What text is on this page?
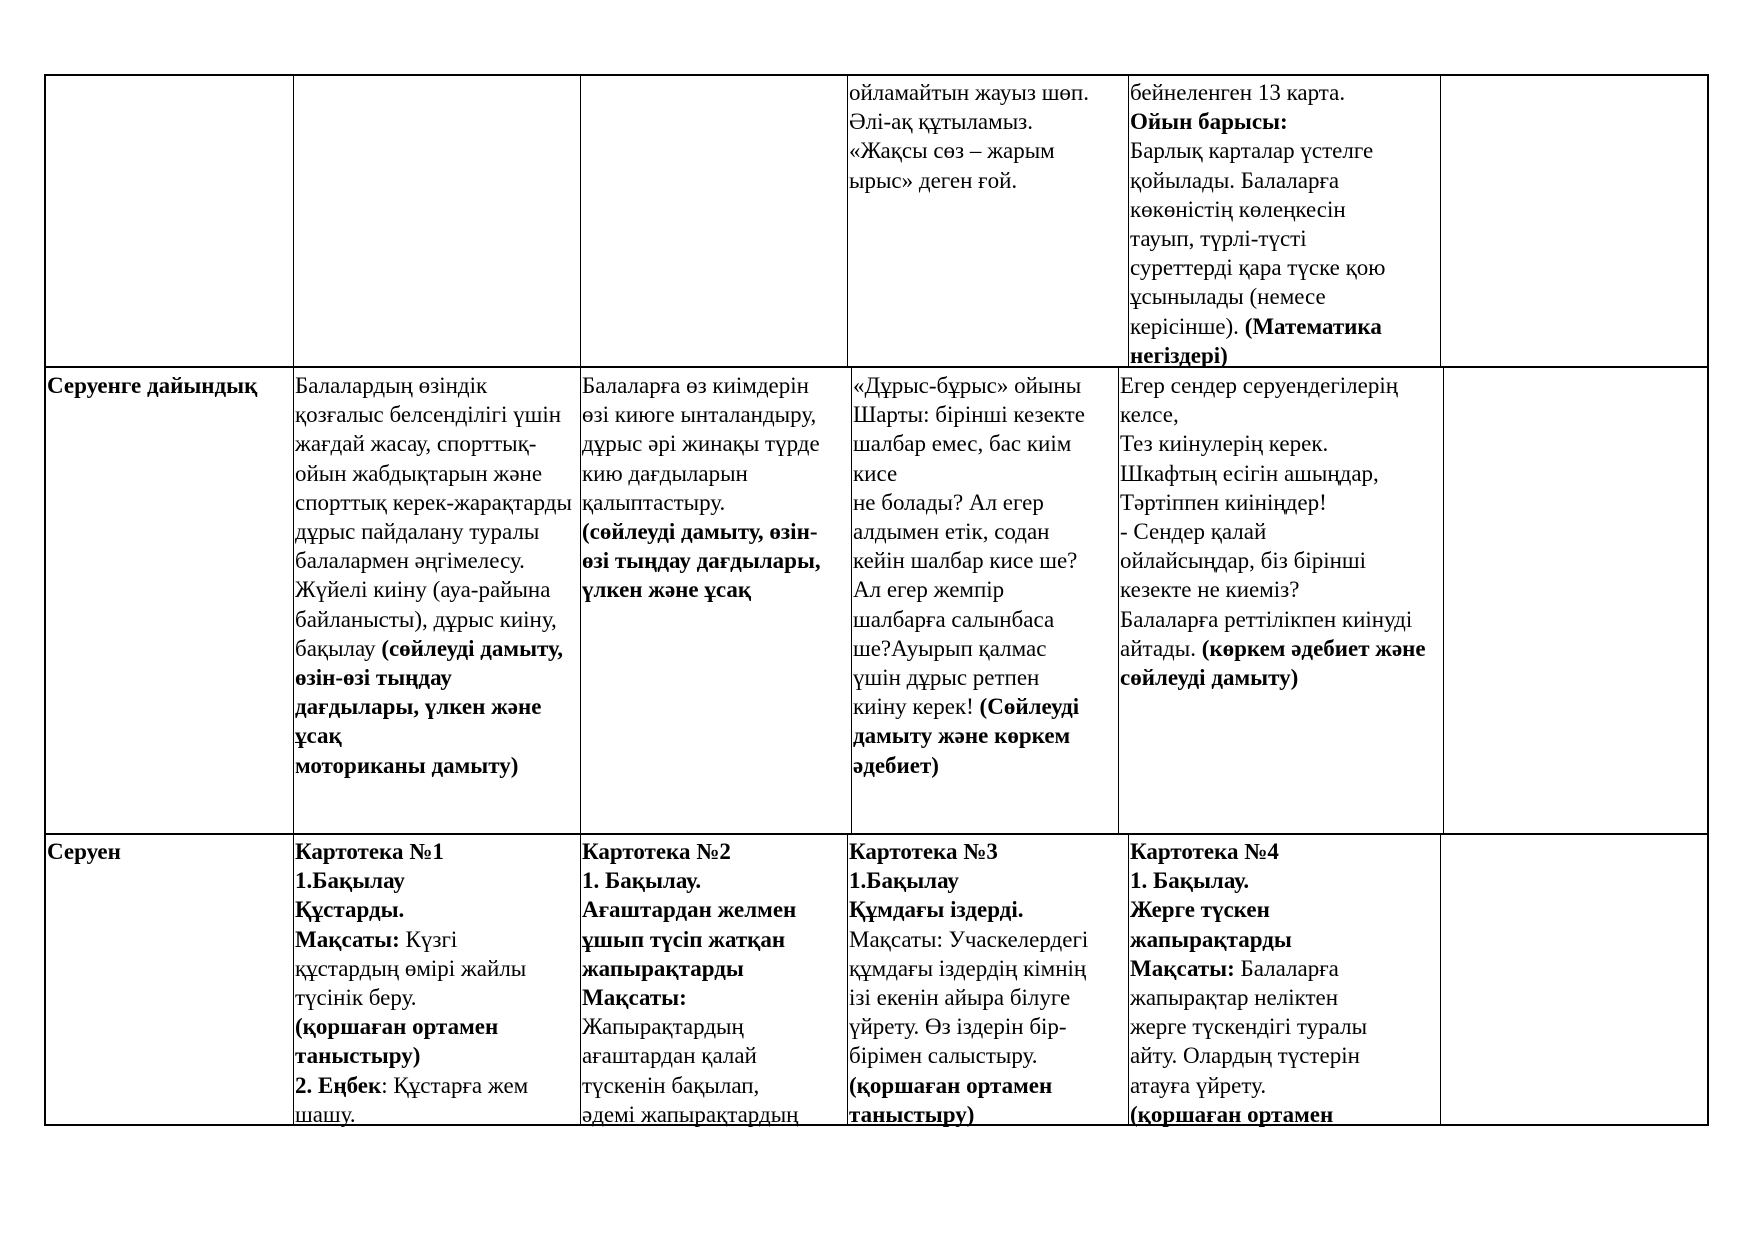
Серуенге дайындық
Серуен
ойламайтын жауыз шөп.
Әлі-ақ құтыламыз.
«Жақсы сөз – жарым
ырыс» деген ғой.
бейнеленген 13 карта.
Ойын барысы:
Барлық карталар үстелге
қойылады. Балаларға
көкөністің көлеңкесін
тауып, түрлі-түсті
суреттерді қара түске қою
ұсынылады (немесе
керісінше). (Математика
негіздері)
Балалардың өзіндік
қозғалыс белсенділігі үшін
жағдай жасау, спорттық-
ойын жабдықтарын және
спорттық керек-жарақтарды
дұрыс пайдалану туралы
балалармен әңгімелесу.
Жүйелі киіну (ауа-райына
байланысты), дұрыс киіну,
бақылау (сөйлеуді дамыту,
өзін-өзі тыңдау
дағдылары, үлкен және
ұсақ
моториканы дамыту)
Балаларға өз киімдерін
өзі киюге ынталандыру,
дұрыс әрі жинақы түрде
кию дағдыларын
қалыптастыру.
(сөйлеуді дамыту, өзін-
өзі тыңдау дағдылары,
үлкен және ұсақ
«Дұрыс-бұрыс» ойыны
Шарты: бірінші кезекте
шалбар емес, бас киім
кисе
не болады? Ал егер
алдымен етік, содан
кейін шалбар кисе ше?
Ал егер жемпір
шалбарға салынбаса
ше?Ауырып қалмас
үшін дұрыс ретпен
киіну керек! (Сөйлеуді
дамыту және көркем
әдебиет)
Егер сендер серуендегілерің
келсе,
Тез киінулерің керек.
Шкафтың есігін ашыңдар,
Тәртіппен киініңдер!
- Сендер қалай
ойлайсыңдар, біз бірінші
кезекте не киеміз?
Балаларға реттілікпен киінуді
айтады. (көркем әдебиет және
сөйлеуді дамыту)
Картотека №1
1.Бақылау
Құстарды.
Мақсаты: Күзгі
құстардың өмірі жайлы
түсінік беру.
(қоршаған ортамен
таныстыру)
2. Еңбек: Құстарға жем
шашу.
Картотека №2
1. Бақылау.
Ағаштардан желмен
ұшып түсіп жатқан
жапырақтарды
Мақсаты:
Жапырақтардың
ағаштардан қалай
түскенін бақылап,
әдемі жапырақтардың
Картотека №3
1.Бақылау
Құмдағы іздерді.
Мақсаты: Учаскелердегі
құмдағы іздердің кімнің
ізі екенін айыра білуге
үйрету. Өз іздерін бір-
бірімен салыстыру.
(қоршаған ортамен
таныстыру)
Картотека №4
1. Бақылау.
Жерге түскен
жапырақтарды
Мақсаты: Балаларға
жапырақтар неліктен
жерге түскендігі туралы
айту. Олардың түстерін
атауға үйрету.
(қоршаған ортамен
